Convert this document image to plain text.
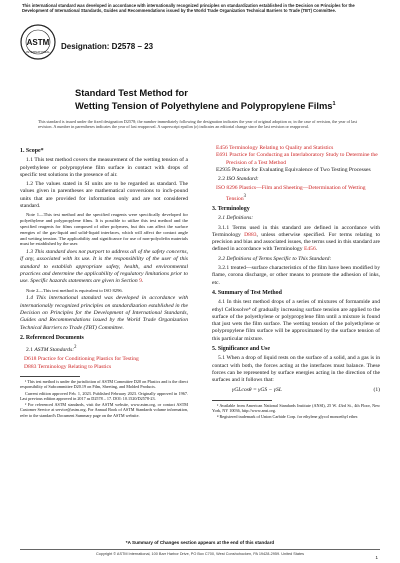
This international standard was developed in accordance with internationally recognized principles on standardization established in the Decision on Principles for the Development of International Standards, Guides and Recommendations issued by the World Trade Organization Technical Barriers to Trade (TBT) Committee.
ASTM
INTERNATIONAL
Designation: D2578 – 23
Standard Test Method for
Wetting Tension of Polyethylene and Polypropylene Films$^1$
This standard is issued under the fixed designation D2578; the number immediately following the designation indicates the year of original adoption or, in the case of revision, the year of last revision. A number in parentheses indicates the year of last reapproval. A superscript epsilon (ε) indicates an editorial change since the last revision or reapproval.
1. Scope*

1.1 This test method covers the measurement of the wetting tension of a polyethylene or polypropylene film surface in contact with drops of specific test solutions in the presence of air.

1.2 The values stated in SI units are to be regarded as standard. The values given in parentheses are mathematical conversions to inch-pound units that are provided for information only and are not considered standard.

Note 1—This test method and the specified reagents were specifically developed for polyethylene and polypropylene films. It is possible to utilize this test method and the specified reagents for films composed of other polymers, but this can affect the surface energies of the gas-liquid and solid-liquid interfaces, which will affect the contact angle and wetting tension. The applicability and significance for use of non-polyolefin materials must be established by the user.

1.3 This standard does not purport to address all of the safety concerns, if any, associated with its use. It is the responsibility of the user of this standard to establish appropriate safety, health, and environmental practices and determine the applicability of regulatory limitations prior to use. Specific hazards statements are given in Section 9.

Note 2—This test method is equivalent to ISO 8296.

1.4 This international standard was developed in accordance with internationally recognized principles on standardization established in the Decision on Principles for the Development of International Standards, Guides and Recommendations issued by the World Trade Organization Technical Barriers to Trade (TBT) Committee.

2. Referenced Documents

2.1 ASTM Standards:$^2$

D618 Practice for Conditioning Plastics for Testing
D883 Terminology Relating to Plastics

¹ This test method is under the jurisdiction of ASTM Committee D20 on Plastics and is the direct responsibility of Subcommittee D20.19 on Film, Sheeting, and Molded Products.

Current edition approved Feb. 1, 2023. Published February 2023. Originally approved in 1967. Last previous edition approved in 2017 as D2578 – 17. DOI: 10.1520/D2578-23.

² For referenced ASTM standards, visit the ASTM website, www.astm.org, or contact ASTM Customer Service at service@astm.org. For Annual Book of ASTM Standards volume information, refer to the standard's Document Summary page on the ASTM website.

E456 Terminology Relating to Quality and Statistics
E691 Practice for Conducting an Interlaboratory Study to Determine the Precision of a Test Method
E2935 Practice for Evaluating Equivalence of Two Testing Processes

2.2 ISO Standard:

ISO 8296 Plastics—Film and Sheeting—Determination of Wetting Tension$^3$
3. Terminology

3.1 Definitions:

3.1.1 Terms used in this standard are defined in accordance with Terminology D883, unless otherwise specified. For terms relating to precision and bias and associated issues, the terms used in this standard are defined in accordance with Terminology E456.

3.2 Definitions of Terms Specific to This Standard:

3.2.1 treated—surface characteristics of the film have been modified by flame, corona discharge, or other means to promote the adhesion of inks, etc.

4. Summary of Test Method

4.1 In this test method drops of a series of mixtures of formamide and ethyl Cellosolve⁴ of gradually increasing surface tension are applied to the surface of the polyethylene or polypropylene film until a mixture is found that just wets the film surface. The wetting tension of the polyethylene or polypropylene film surface will be approximated by the surface tension of this particular mixture.

5. Significance and Use

5.1 When a drop of liquid rests on the surface of a solid, and a gas is in contact with both, the forces acting at the interfaces must balance. These forces can be represented by surface energies acting in the direction of the surfaces and it follows that:

γGLcosθ = γGS − γSL	(1)

³ Available from American National Standards Institute (ANSI), 25 W. 43rd St., 4th Floor, New York, NY 10036, http://www.ansi.org.

⁴ Registered trademark of Union Carbide Corp. for ethylene glycol monoethyl ether.

*A Summary of Changes section appears at the end of this standard
Copyright © ASTM International, 100 Barr Harbor Drive, PO Box C700, West Conshohocken, PA 19428-2959. United States
1
